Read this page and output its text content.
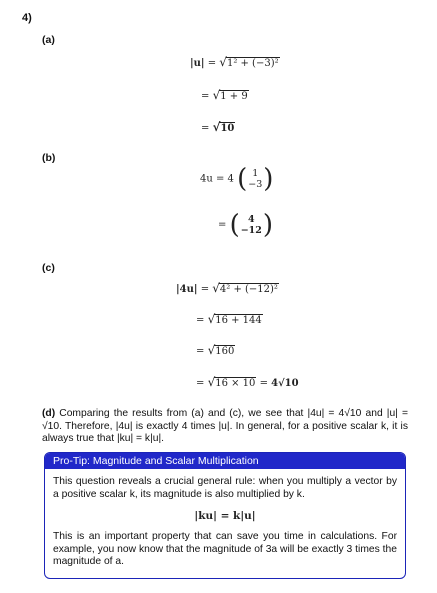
4)
(a)
|u| = √1² + (−3)²
= √1 + 9
= √10
(b)
4u = 4 ( 1
−3 )
= ( 4
−12 )
(c)
|4u| = √4² + (−12)²
= √16 + 144
= √160
= √16 × 10 = 4√10
(d) Comparing the results from (a) and (c), we see that |4u| = 4√10 and |u| = √10. Therefore, |4u| is exactly 4 times |u|. In general, for a positive scalar k, it is always true that |ku| = k|u|.
Pro-Tip: Magnitude and Scalar Multiplication
This question reveals a crucial general rule: when you multiply a vector by a positive scalar k, its magnitude is also multiplied by k.
|ku| = k|u|
This is an important property that can save you time in calculations. For example, you now know that the magnitude of 3a will be exactly 3 times the magnitude of a.
